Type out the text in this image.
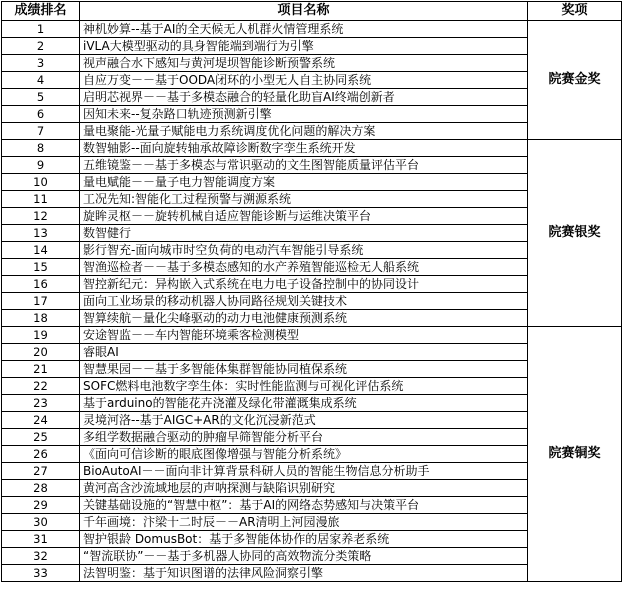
成绩排名	项目名称	奖项
1	神机妙算--基于AI的全天候无人机群火情管理系统	院赛金奖
2	iVLA大模型驱动的具身智能端到端行为引擎	
3	视声融合水下感知与黄河堤坝智能诊断预警系统	
4	自应万变－－基于OODA闭环的小型无人自主协同系统	
5	启明芯视界－－基于多模态融合的轻量化助盲AI终端创新者	
6	因知未来--复杂路口轨迹预测新引擎	
7	量电聚能-光量子赋能电力系统调度优化问题的解决方案	
8	数智轴影--面向旋转轴承故障诊断数字孪生系统开发	院赛银奖
9	五维镜鉴－－基于多模态与常识驱动的文生图智能质量评估平台	
10	量电赋能－－量子电力智能调度方案	
11	工况先知:智能化工过程预警与溯源系统	
12	旋眸灵枢－－旋转机械自适应智能诊断与运维决策平台	
13	数智健行	
14	影行智充-面向城市时空负荷的电动汽车智能引导系统	
15	智渔巡检者－－基于多模态感知的水产养殖智能巡检无人船系统	
16	智控新纪元：异构嵌入式系统在电力电子设备控制中的协同设计	
17	面向工业场景的移动机器人协同路径规划关键技术	
18	智算续航－量化尖峰驱动的动力电池健康预测系统	
19	安途智监－－车内智能环境乘客检测模型	院赛铜奖
20	睿眼AI	
21	智慧果园－－基于多智能体集群智能协同植保系统	
22	SOFC燃料电池数字孪生体：实时性能监测与可视化评估系统	
23	基于arduino的智能花卉浇灌及绿化带灌溉集成系统	
24	灵境河洛--基于AIGC+AR的文化沉浸新范式	
25	多组学数据融合驱动的肿瘤早筛智能分析平台	
26	《面向可信诊断的眼底图像增强与智能分析系统》	
27	BioAutoAI－－面向非计算背景科研人员的智能生物信息分析助手	
28	黄河高含沙流域地层的声呐探测与缺陷识别研究	
29	关键基础设施的“智慧中枢”：基于AI的网络态势感知与决策平台	
30	千年画境：汴梁十二时辰－－AR清明上河园漫旅	
31	智护银龄 DomusBot：基于多智能体协作的居家养老系统	
32	“智流联协”－－基于多机器人协同的高效物流分类策略	
33	法智明鉴：基于知识图谱的法律风险洞察引擎	
